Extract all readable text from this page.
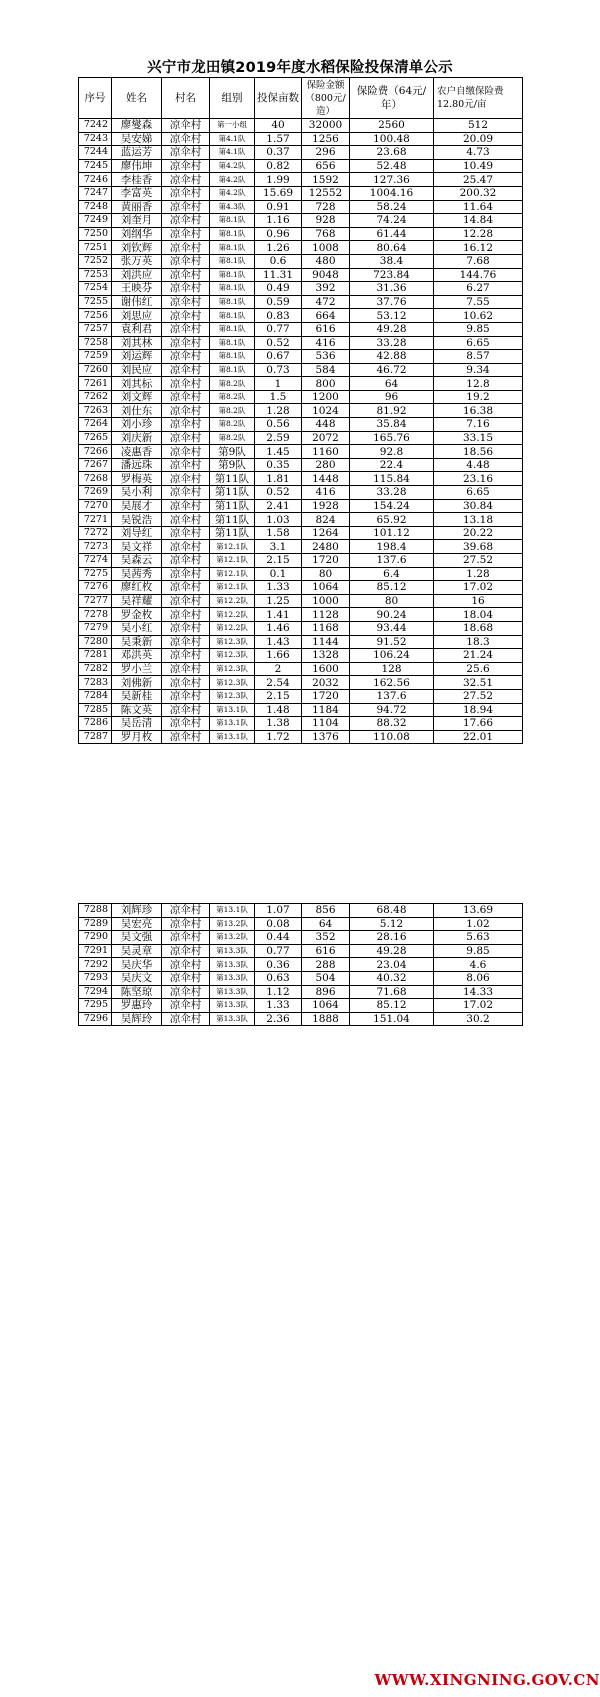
兴宁市龙田镇2019年度水稻保险投保清单公示
序号	姓名	村名	组别	投保亩数	保险金额（800元/造）	保险费（64元/年）	农户自缴保险费 12.80元/亩
7242	廖燮森	凉伞村	第一小组	40	32000	2560	512
7243	吴安娣	凉伞村	第4.1队	1.57	1256	100.48	20.09
7244	蓝运芳	凉伞村	第4.1队	0.37	296	23.68	4.73
7245	廖伟坤	凉伞村	第4.2队	0.82	656	52.48	10.49
7246	李桂香	凉伞村	第4.2队	1.99	1592	127.36	25.47
7247	李富英	凉伞村	第4.2队	15.69	12552	1004.16	200.32
7248	黄丽香	凉伞村	第4.3队	0.91	728	58.24	11.64
7249	刘奎月	凉伞村	第8.1队	1.16	928	74.24	14.84
7250	刘纲华	凉伞村	第8.1队	0.96	768	61.44	12.28
7251	刘钦辉	凉伞村	第8.1队	1.26	1008	80.64	16.12
7252	张万英	凉伞村	第8.1队	0.6	480	38.4	7.68
7253	刘洪应	凉伞村	第8.1队	11.31	9048	723.84	144.76
7254	王映芬	凉伞村	第8.1队	0.49	392	31.36	6.27
7255	谢伟红	凉伞村	第8.1队	0.59	472	37.76	7.55
7256	刘思应	凉伞村	第8.1队	0.83	664	53.12	10.62
7257	袁利君	凉伞村	第8.1队	0.77	616	49.28	9.85
7258	刘其林	凉伞村	第8.1队	0.52	416	33.28	6.65
7259	刘运辉	凉伞村	第8.1队	0.67	536	42.88	8.57
7260	刘民应	凉伞村	第8.1队	0.73	584	46.72	9.34
7261	刘其标	凉伞村	第8.2队	1	800	64	12.8
7262	刘文辉	凉伞村	第8.2队	1.5	1200	96	19.2
7263	刘仕东	凉伞村	第8.2队	1.28	1024	81.92	16.38
7264	刘小珍	凉伞村	第8.2队	0.56	448	35.84	7.16
7265	刘庆新	凉伞村	第8.2队	2.59	2072	165.76	33.15
7266	凌惠香	凉伞村	第9队	1.45	1160	92.8	18.56
7267	潘远珠	凉伞村	第9队	0.35	280	22.4	4.48
7268	罗梅英	凉伞村	第11队	1.81	1448	115.84	23.16
7269	吴小利	凉伞村	第11队	0.52	416	33.28	6.65
7270	吴展才	凉伞村	第11队	2.41	1928	154.24	30.84
7271	吴锐浩	凉伞村	第11队	1.03	824	65.92	13.18
7272	刘导红	凉伞村	第11队	1.58	1264	101.12	20.22
7273	吴文祥	凉伞村	第12.1队	3.1	2480	198.4	39.68
7274	吴森云	凉伞村	第12.1队	2.15	1720	137.6	27.52
7275	吴茜秀	凉伞村	第12.1队	0.1	80	6.4	1.28
7276	廖红枚	凉伞村	第12.1队	1.33	1064	85.12	17.02
7277	吴祥耀	凉伞村	第12.2队	1.25	1000	80	16
7278	罗金枚	凉伞村	第12.2队	1.41	1128	90.24	18.04
7279	吴小红	凉伞村	第12.2队	1.46	1168	93.44	18.68
7280	吴秉新	凉伞村	第12.3队	1.43	1144	91.52	18.3
7281	邓洪英	凉伞村	第12.3队	1.66	1328	106.24	21.24
7282	罗小兰	凉伞村	第12.3队	2	1600	128	25.6
7283	刘佛新	凉伞村	第12.3队	2.54	2032	162.56	32.51
7284	吴新桂	凉伞村	第12.3队	2.15	1720	137.6	27.52
7285	陈文英	凉伞村	第13.1队	1.48	1184	94.72	18.94
7286	吴岳清	凉伞村	第13.1队	1.38	1104	88.32	17.66
7287	罗月枚	凉伞村	第13.1队	1.72	1376	110.08	22.01
7288	刘辉珍	凉伞村	第13.1队	1.07	856	68.48	13.69
7289	吴宏亮	凉伞村	第13.2队	0.08	64	5.12	1.02
7290	吴文强	凉伞村	第13.2队	0.44	352	28.16	5.63
7291	吴灵章	凉伞村	第13.3队	0.77	616	49.28	9.85
7292	吴庆华	凉伞村	第13.3队	0.36	288	23.04	4.6
7293	吴庆文	凉伞村	第13.3队	0.63	504	40.32	8.06
7294	陈坚琼	凉伞村	第13.3队	1.12	896	71.68	14.33
7295	罗惠玲	凉伞村	第13.3队	1.33	1064	85.12	17.02
7296	吴辉玲	凉伞村	第13.3队	2.36	1888	151.04	30.2
WWW.XINGNING.GOV.CN
